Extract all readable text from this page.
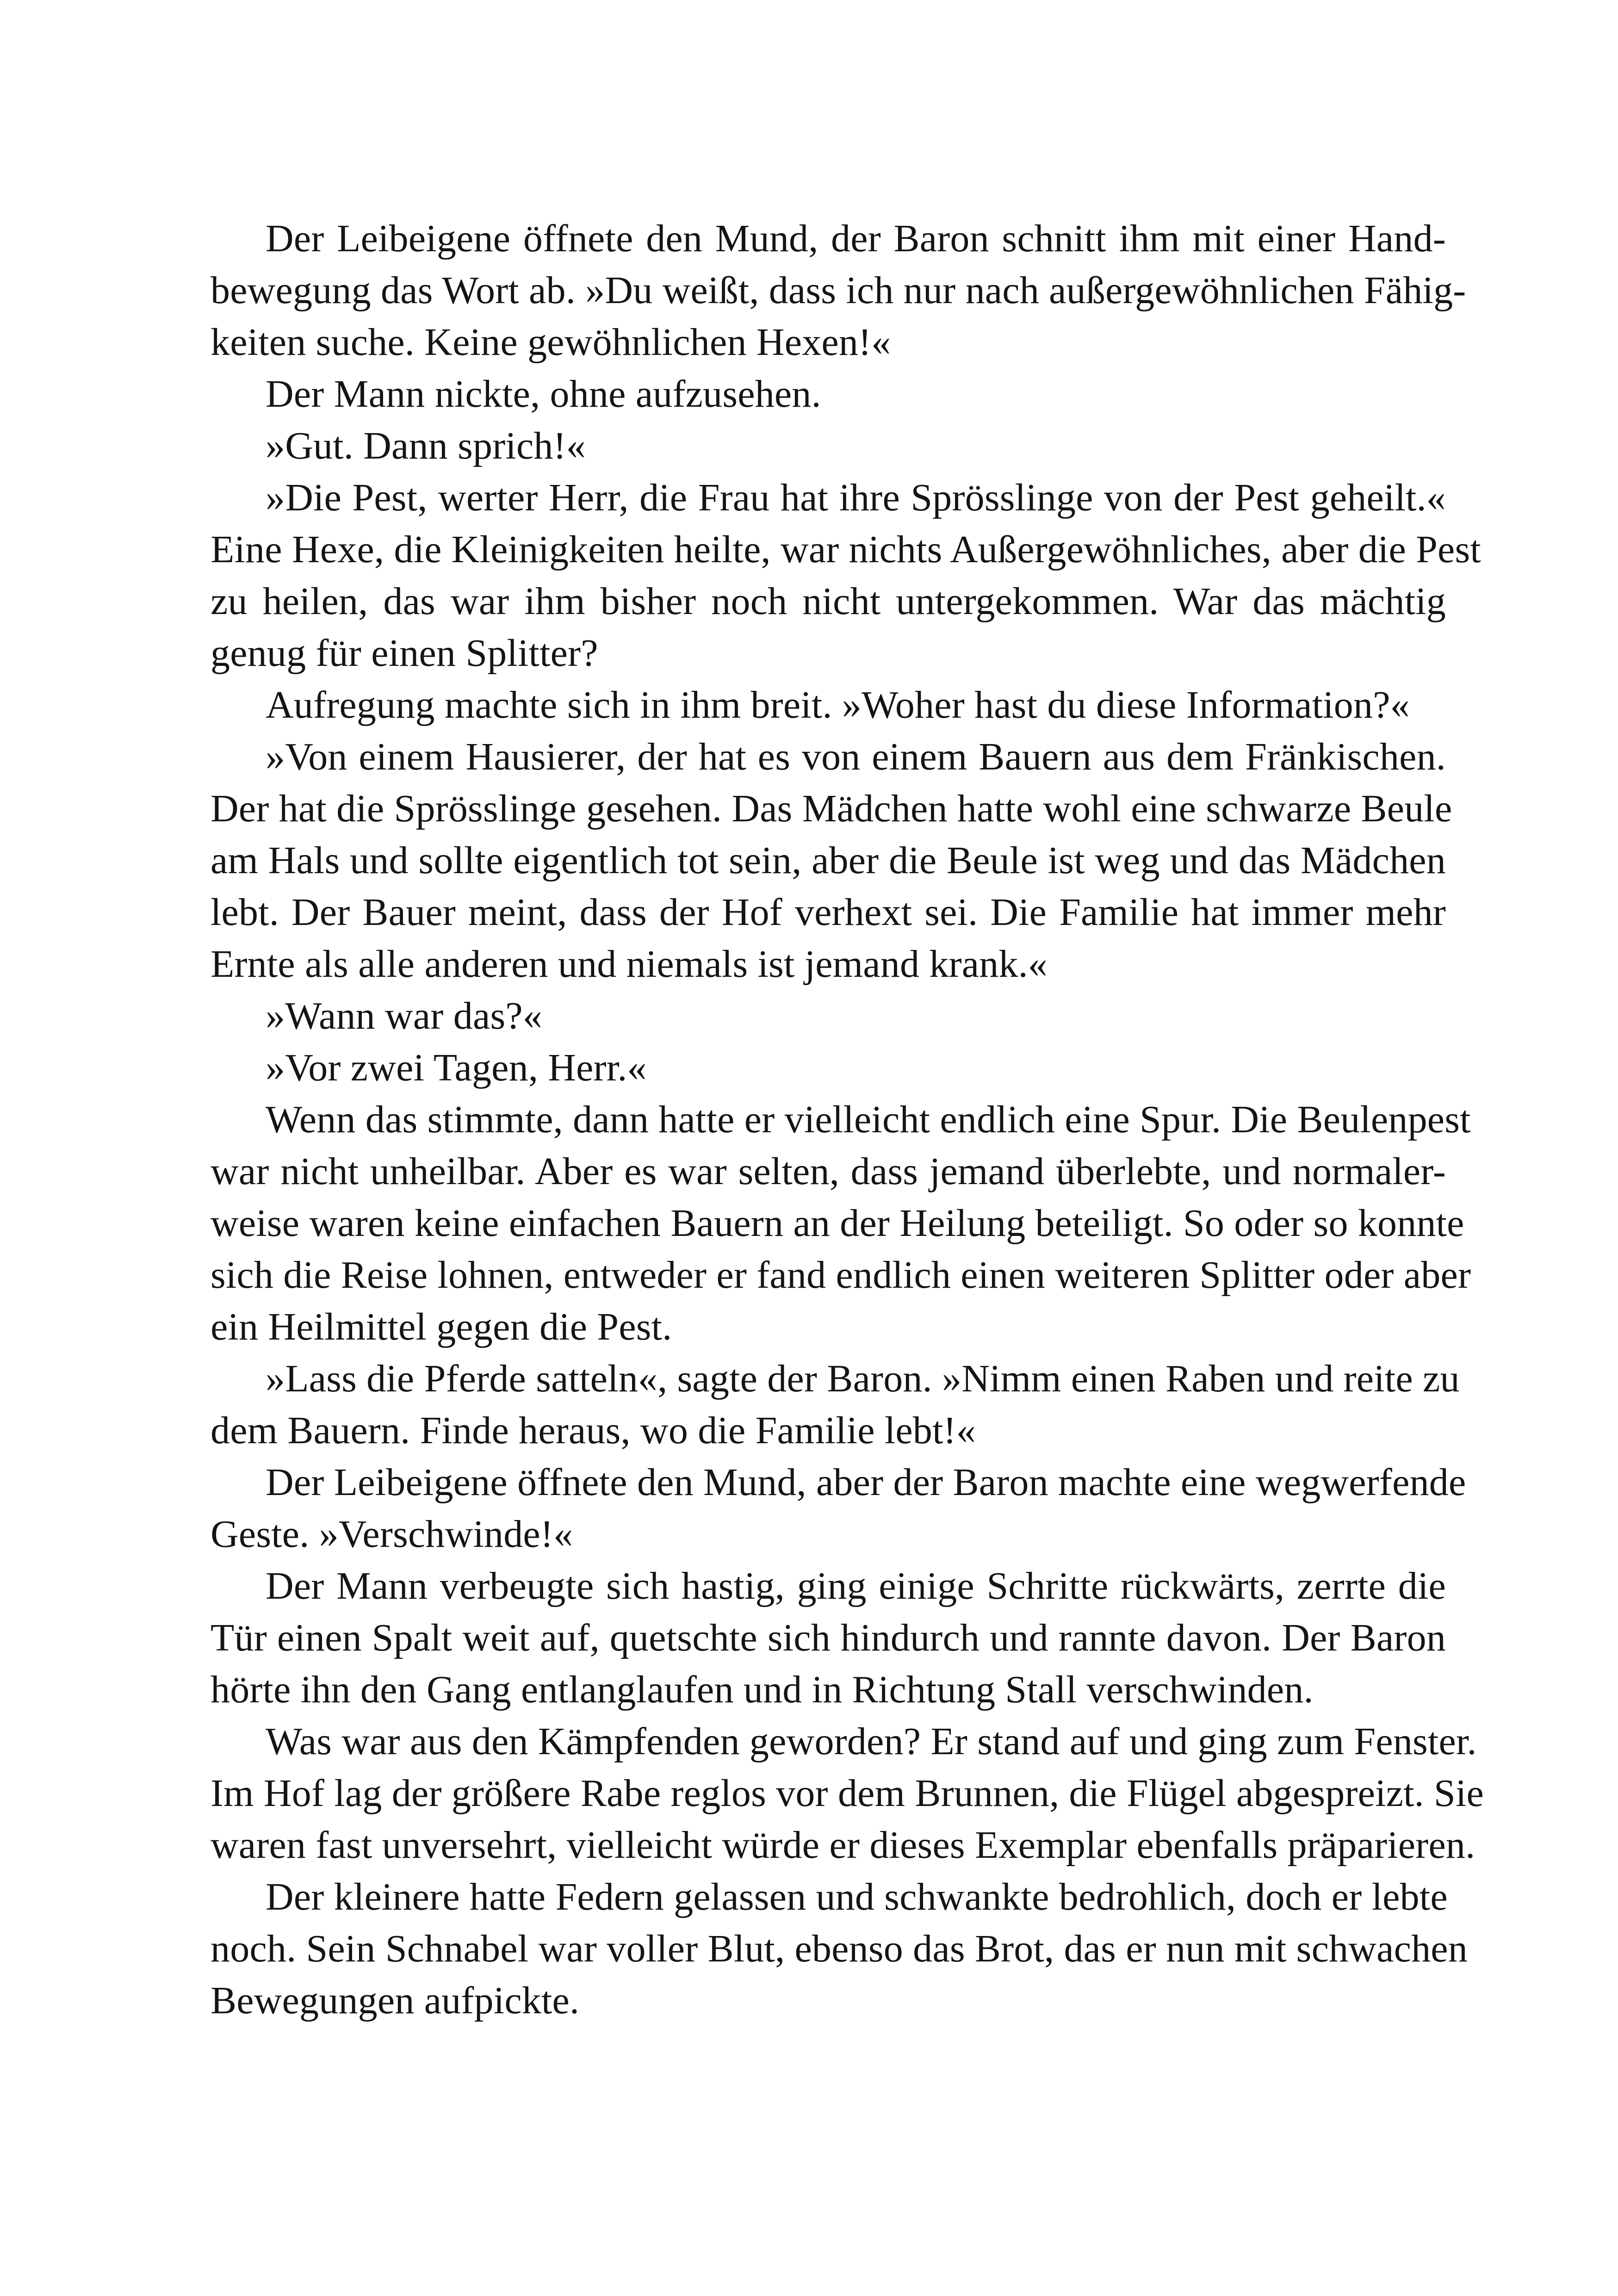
Der Leibeigene öffnete den Mund, der Baron schnitt ihm mit einer Hand-
bewegung das Wort ab. »Du weißt, dass ich nur nach außergewöhnlichen Fähig-
keiten suche. Keine gewöhnlichen Hexen!«
Der Mann nickte, ohne aufzusehen.
»Gut. Dann sprich!«
»Die Pest, werter Herr, die Frau hat ihre Sprösslinge von der Pest geheilt.«
Eine Hexe, die Kleinigkeiten heilte, war nichts Außergewöhnliches, aber die Pest
zu heilen, das war ihm bisher noch nicht untergekommen. War das mächtig
genug für einen Splitter?
Aufregung machte sich in ihm breit. »Woher hast du diese Information?«
»Von einem Hausierer, der hat es von einem Bauern aus dem Fränkischen.
Der hat die Sprösslinge gesehen. Das Mädchen hatte wohl eine schwarze Beule
am Hals und sollte eigentlich tot sein, aber die Beule ist weg und das Mädchen
lebt. Der Bauer meint, dass der Hof verhext sei. Die Familie hat immer mehr
Ernte als alle anderen und niemals ist jemand krank.«
»Wann war das?«
»Vor zwei Tagen, Herr.«
Wenn das stimmte, dann hatte er vielleicht endlich eine Spur. Die Beulenpest
war nicht unheilbar. Aber es war selten, dass jemand überlebte, und normaler-
weise waren keine einfachen Bauern an der Heilung beteiligt. So oder so konnte
sich die Reise lohnen, entweder er fand endlich einen weiteren Splitter oder aber
ein Heilmittel gegen die Pest.
»Lass die Pferde satteln«, sagte der Baron. »Nimm einen Raben und reite zu
dem Bauern. Finde heraus, wo die Familie lebt!«
Der Leibeigene öffnete den Mund, aber der Baron machte eine wegwerfende
Geste. »Verschwinde!«
Der Mann verbeugte sich hastig, ging einige Schritte rückwärts, zerrte die
Tür einen Spalt weit auf, quetschte sich hindurch und rannte davon. Der Baron
hörte ihn den Gang entlanglaufen und in Richtung Stall verschwinden.
Was war aus den Kämpfenden geworden? Er stand auf und ging zum Fenster.
Im Hof lag der größere Rabe reglos vor dem Brunnen, die Flügel abgespreizt. Sie
waren fast unversehrt, vielleicht würde er dieses Exemplar ebenfalls präparieren.
Der kleinere hatte Federn gelassen und schwankte bedrohlich, doch er lebte
noch. Sein Schnabel war voller Blut, ebenso das Brot, das er nun mit schwachen
Bewegungen aufpickte.
